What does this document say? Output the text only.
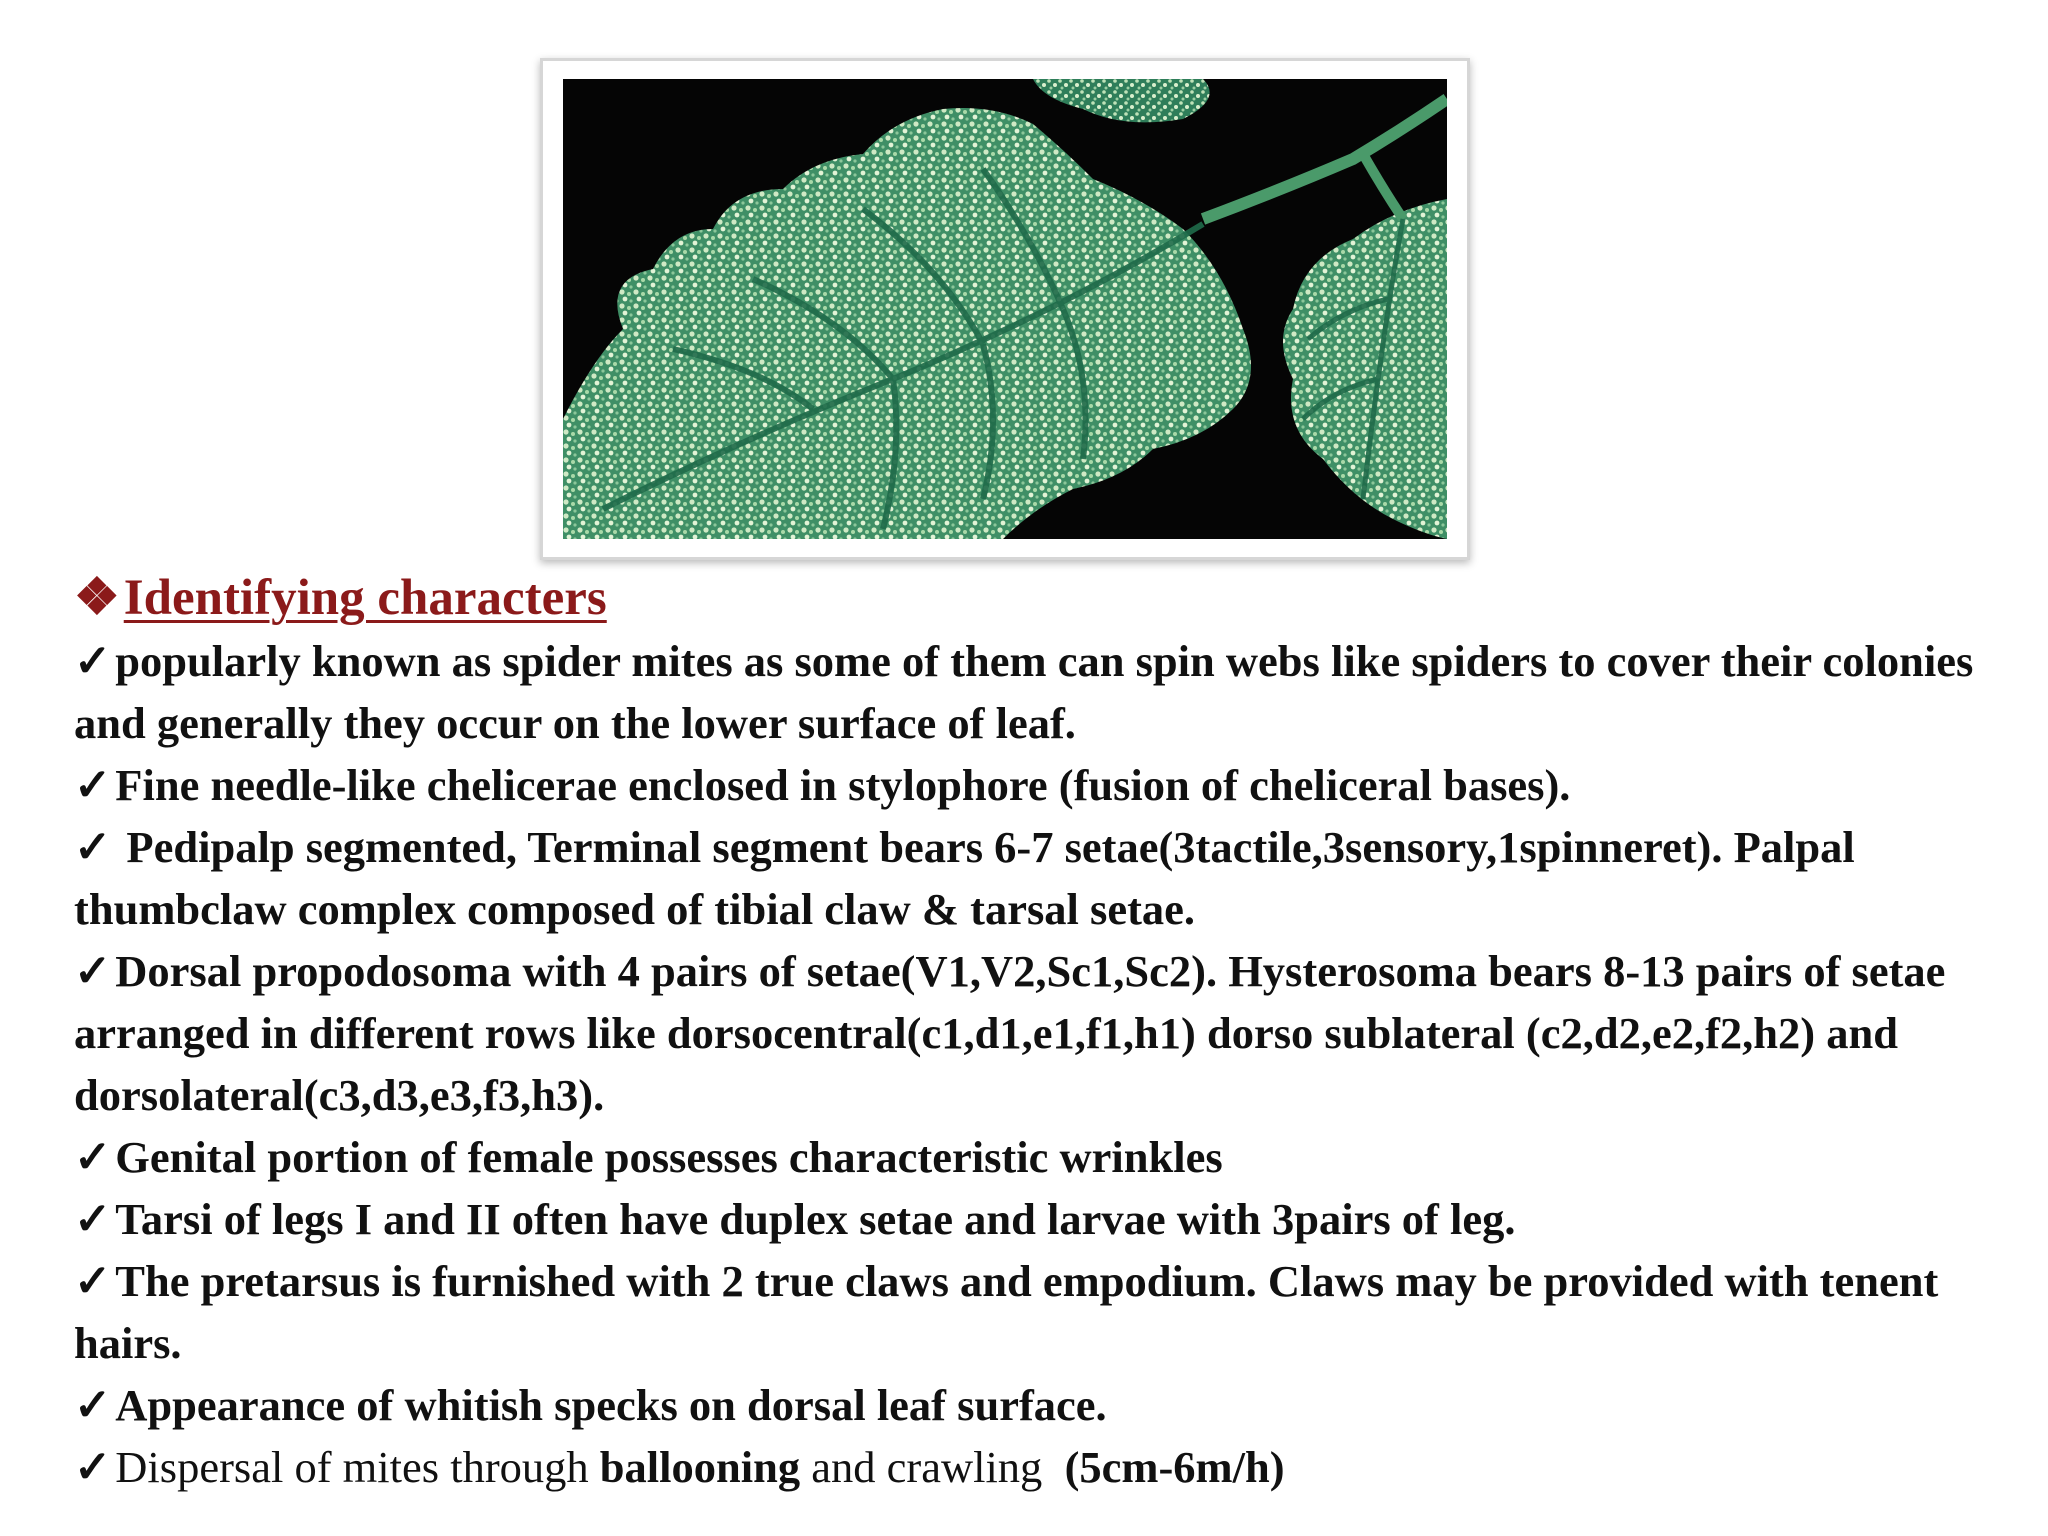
❖Identifying characters

✓popularly known as spider mites as some of them can spin webs like spiders to cover their colonies and generally they occur on the lower surface of leaf.

✓Fine needle-like chelicerae enclosed in stylophore (fusion of cheliceral bases).

✓ Pedipalp segmented, Terminal segment bears 6-7 setae(3tactile,3sensory,1spinneret). Palpal thumbclaw complex composed of tibial claw & tarsal setae.

✓Dorsal propodosoma with 4 pairs of setae(V1,V2,Sc1,Sc2). Hysterosoma bears 8-13 pairs of setae arranged in different rows like dorsocentral(c1,d1,e1,f1,h1) dorso sublateral (c2,d2,e2,f2,h2) and dorsolateral(c3,d3,e3,f3,h3).

✓Genital portion of female possesses characteristic wrinkles

✓Tarsi of legs I and II often have duplex setae and larvae with 3pairs of leg.

✓The pretarsus is furnished with 2 true claws and empodium. Claws may be provided with tenent hairs.

✓Appearance of whitish specks on dorsal leaf surface.

✓Dispersal of mites through ballooning and crawling  (5cm-6m/h)
